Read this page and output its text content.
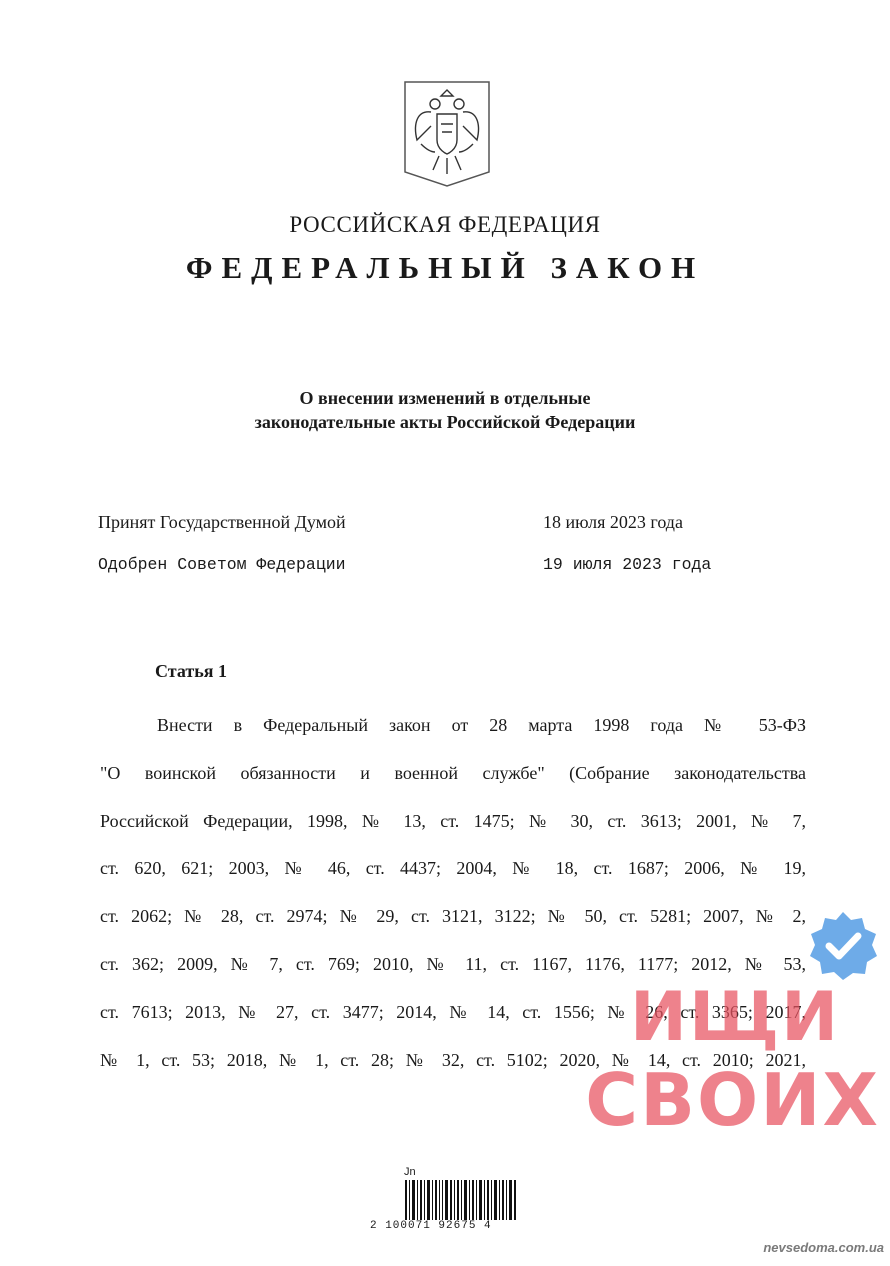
РОССИЙСКАЯ ФЕДЕРАЦИЯ
ФЕДЕРАЛЬНЫЙ ЗАКОН
О внесении изменений в отдельные
законодательные акты Российской Федерации
Принят Государственной Думой	18 июля 2023 года
Одобрен Советом Федерации	19 июля 2023 года
Статья 1
Внести в Федеральный закон от 28 марта 1998 года № 53-ФЗ
"О воинской обязанности и военной службе" (Собрание законодательства
Российской Федерации, 1998, № 13, ст. 1475; № 30, ст. 3613; 2001, № 7,
ст. 620, 621; 2003, № 46, ст. 4437; 2004, № 18, ст. 1687; 2006, № 19,
ст. 2062; № 28, ст. 2974; № 29, ст. 3121, 3122; № 50, ст. 5281; 2007, № 2,
ст. 362; 2009, № 7, ст. 769; 2010, № 11, ст. 1167, 1176, 1177; 2012, № 53,
ст. 7613; 2013, № 27, ст. 3477; 2014, № 14, ст. 1556; № 26, ст. 3365; 2017,
№ 1, ст. 53; 2018, № 1, ст. 28; № 32, ст. 5102; 2020, № 14, ст. 2010; 2021,
ИЩИ
СВОИХ
Jn
2 100071 92675 4
nevsedoma.com.ua
